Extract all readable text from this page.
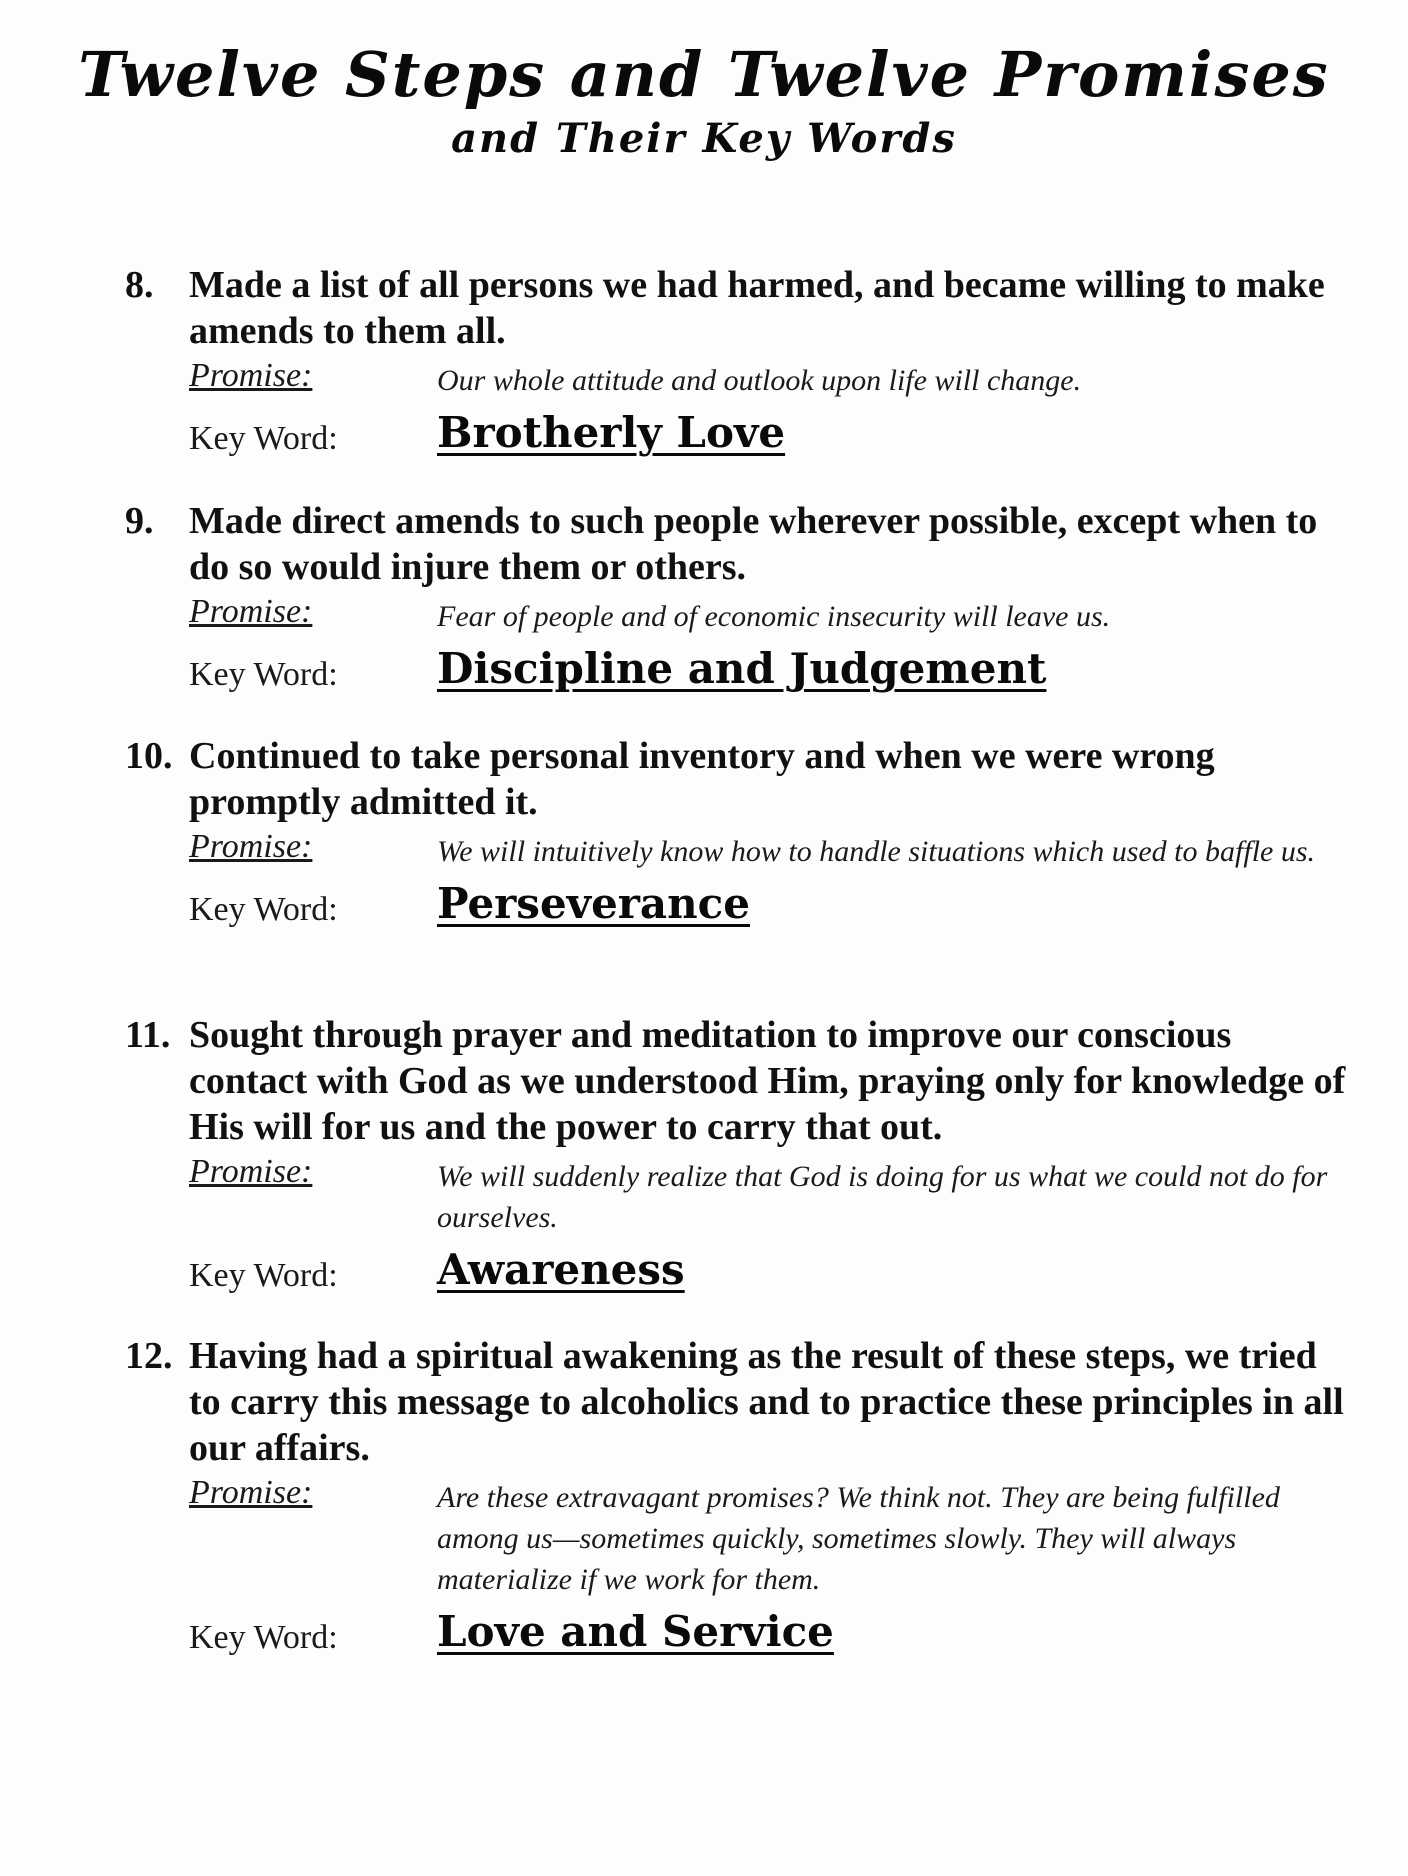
Twelve Steps and Twelve Promises
and Their Key Words
8. Made a list of all persons we had harmed, and became willing to make amends to them all.
Promise:	Our whole attitude and outlook upon life will change.
Key Word: Brotherly Love
9. Made direct amends to such people wherever possible, except when to do so would injure them or others.
Promise:	Fear of people and of economic insecurity will leave us.
Key Word: Discipline and Judgement
10. Continued to take personal inventory and when we were wrong promptly admitted it.
Promise:	We will intuitively know how to handle situations which used to baffle us.
Key Word: Perseverance
11. Sought through prayer and meditation to improve our conscious contact with God as we understood Him, praying only for knowledge of His will for us and the power to carry that out.
Promise:	We will suddenly realize that God is doing for us what we could not do for ourselves.
Key Word: Awareness
12. Having had a spiritual awakening as the result of these steps, we tried to carry this message to alcoholics and to practice these principles in all our affairs.
Promise:	Are these extravagant promises? We think not. They are being fulfilled among us—sometimes quickly, sometimes slowly. They will always materialize if we work for them.
Key Word: Love and Service
